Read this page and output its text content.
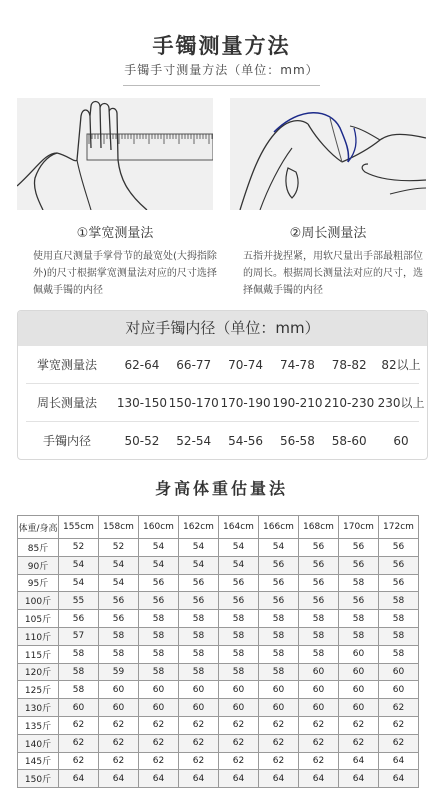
手镯测量方法
手镯手寸测量方法（单位：mm）
①掌宽测量法	②周长测量法
使用直尺测量手掌骨节的最宽处(大拇指除外)的尺寸根据掌宽测量法对应的尺寸选择佩戴手镯的内径
五指并拢捏紧，用软尺量出手部最粗部位的周长。根据周长测量法对应的尺寸，选择佩戴手镯的内径
对应手镯内径（单位：mm）
掌宽测量法	62-64	66-77	70-74	74-78	78-82	82以上
周长测量法	130-150 150-170 170-190 190-210 210-230 230以上
手镯内径	50-52	52-54	54-56	56-58	58-60	60
身高体重估量法
体重/身高	155cm	158cm	160cm	162cm	164cm	166cm	168cm	170cm	172cm
85斤	52	52	54	54	54	54	56	56	56
90斤	54	54	54	54	54	56	56	56	56
95斤	54	54	56	56	56	56	56	58	56
100斤	55	56	56	56	56	56	56	56	58
105斤	56	56	58	58	58	58	58	58	58
110斤	57	58	58	58	58	58	58	58	58
115斤	58	58	58	58	58	58	58	60	58
120斤	58	59	58	58	58	58	60	60	60
125斤	58	60	60	60	60	60	60	60	60
130斤	60	60	60	60	60	60	60	60	62
135斤	62	62	62	62	62	62	62	62	62
140斤	62	62	62	62	62	62	62	62	62
145斤	62	62	62	62	62	62	62	64	64
150斤	64	64	64	64	64	64	64	64	64
